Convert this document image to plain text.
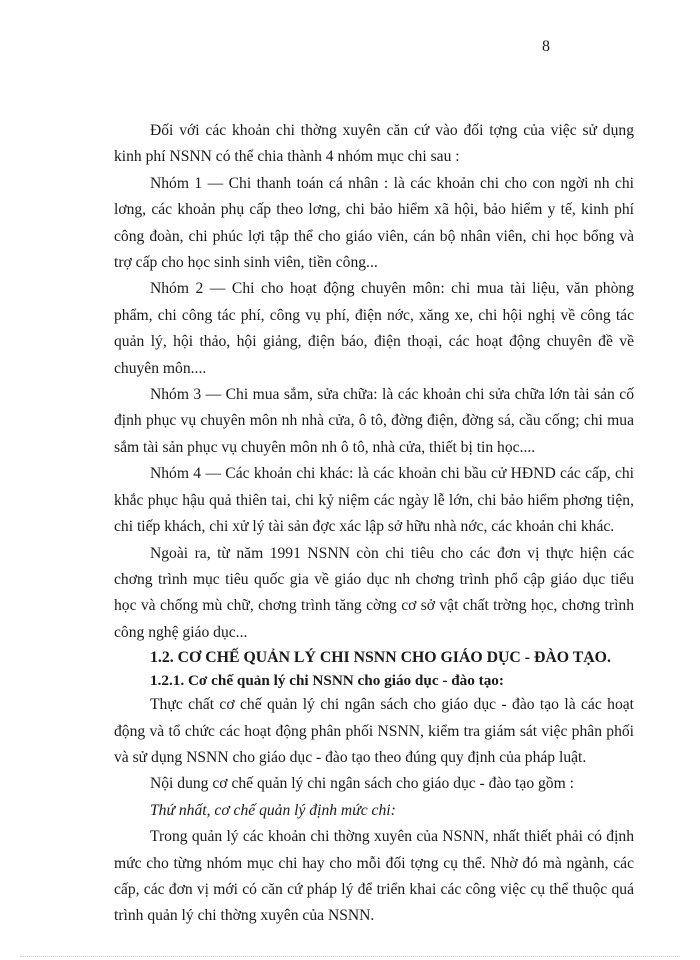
8

Đối với các khoản chi thờng xuyên căn cứ vào đối tợng của việc sử dụng kinh phí NSNN có thể chia thành 4 nhóm mục chi sau :

Nhóm 1 — Chi thanh toán cá nhân : là các khoản chi cho con ngời nh chi lơng, các khoản phụ cấp theo lơng, chi bảo hiểm xã hội, bảo hiểm y tế, kinh phí công đoàn, chi phúc lợi tập thể cho giáo viên, cán bộ nhân viên, chi học bổng và trợ cấp cho học sinh sinh viên, tiền công...

Nhóm 2 — Chi cho hoạt động chuyên môn: chi mua tài liệu, văn phòng phẩm, chi công tác phí, công vụ phí, điện nớc, xăng xe, chi hội nghị về công tác quản lý, hội thảo, hội giảng, điện báo, điện thoại, các hoạt động chuyên đề về chuyên môn....

Nhóm 3 — Chi mua sắm, sửa chữa: là các khoản chi sửa chữa lớn tài sản cố định phục vụ chuyên môn nh nhà cửa, ô tô, đờng điện, đờng sá, cầu cống; chi mua sắm tài sản phục vụ chuyên môn nh ô tô, nhà cửa, thiết bị tin học....

Nhóm 4 — Các khoản chi khác: là các khoản chi bầu cử HĐND các cấp, chi khắc phục hậu quả thiên tai, chi kỷ niệm các ngày lễ lớn, chi bảo hiểm phơng tiện, chi tiếp khách, chi xử lý tài sản đợc xác lập sở hữu nhà nớc, các khoản chi khác.

Ngoài ra, từ năm 1991 NSNN còn chi tiêu cho các đơn vị thực hiện các chơng trình mục tiêu quốc gia về giáo dục nh chơng trình phổ cập giáo dục tiểu học và chống mù chữ, chơng trình tăng cờng cơ sở vật chất trờng học, chơng trình công nghệ giáo dục...

1.2. CƠ CHẾ QUẢN LÝ CHI NSNN CHO GIÁO DỤC - ĐÀO TẠO.
1.2.1. Cơ chế quản lý chi NSNN cho giáo dục - đào tạo:

Thực chất cơ chế quản lý chi ngân sách cho giáo dục - đào tạo là các hoạt động và tổ chức các hoạt động phân phối NSNN, kiểm tra giám sát việc phân phối và sử dụng NSNN cho giáo dục - đào tạo theo đúng quy định của pháp luật.

Nội dung cơ chế quản lý chi ngân sách cho giáo dục - đào tạo gồm :

Thứ nhất, cơ chế quản lý định mức chi:

Trong quản lý các khoản chi thờng xuyên của NSNN, nhất thiết phải có định mức cho từng nhóm mục chi hay cho mỗi đối tợng cụ thể. Nhờ đó mà ngành, các cấp, các đơn vị mới có căn cứ pháp lý để triển khai các công việc cụ thể thuộc quá trình quản lý chi thờng xuyên của NSNN.
